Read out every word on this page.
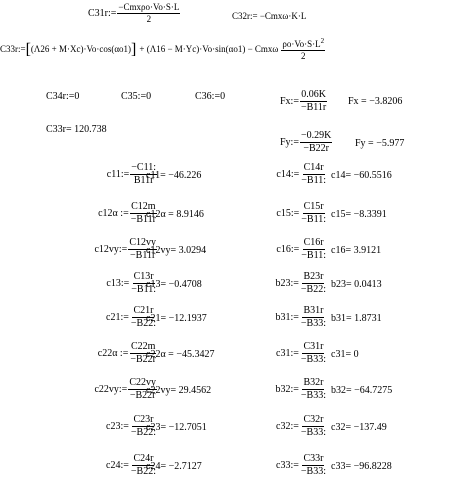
C31r:= $\frac{\text{−Cmxρo·Vo·S·L}}{2}$	C32r:= −Cmxω·K·L
C33r:= [ (Λ26 + M·Xc)·Vo·cos(αo1) ] + (Λ16 − M·Yc)·Vo·sin(αo1) − Cmxω $\frac{\rho o\cdot Vo\cdot S\cdot L^2}{2}$
C34r:=0	C35:=0	C36:=0	Fx:= $\frac{0.06K}{-B11r}$ Fx = −3.8206
C33r= 120.738
Fy:= $\frac{-0.29K}{-B22r}$ Fy = −5.977
c11:= $\frac{-C11:}{B11r}$
c11= −46.226
c12α := $\frac{C12m}{-B11r}$
c12α = 8.9146
c12vy:= $\frac{C12vy}{-B11r}$
c12vy= 3.0294
c13:= $\frac{C13r}{-B11:}$
c13= −0.4708
c21:= $\frac{C21r}{-B22:}$
c21= −12.1937
c22α := $\frac{C22m}{-B22r}$
c22α = −45.3427
c22vy:= $\frac{C22vy}{-B22r}$
c22vy= 29.4562
c23:= $\frac{C23r}{-B22:}$
c23= −12.7051
c24:= $\frac{C24r}{-B22:}$
c24= −2.7127
c14:= $\frac{C14r}{-B11:} c14= -60.5516$
c15:= $\frac{C15r}{-B11:} c15= -8.3391$
c16:= $\frac{C16r}{-B11:} c16= 3.9121$
b23:= $\frac{B23r}{-B22:} b23= 0.0413$
b31:= $\frac{B31r}{-B33:} b31= 1.8731$
c31:= $\frac{C31r}{-B33:} c31= 0$
b32:= $\frac{B32r}{-B33:} b32= -64.7275$
c32:= $\frac{C32r}{-B33:} c32= -137.49$
c33:= $\frac{C33r}{-B33:} c33= -96.8228$
